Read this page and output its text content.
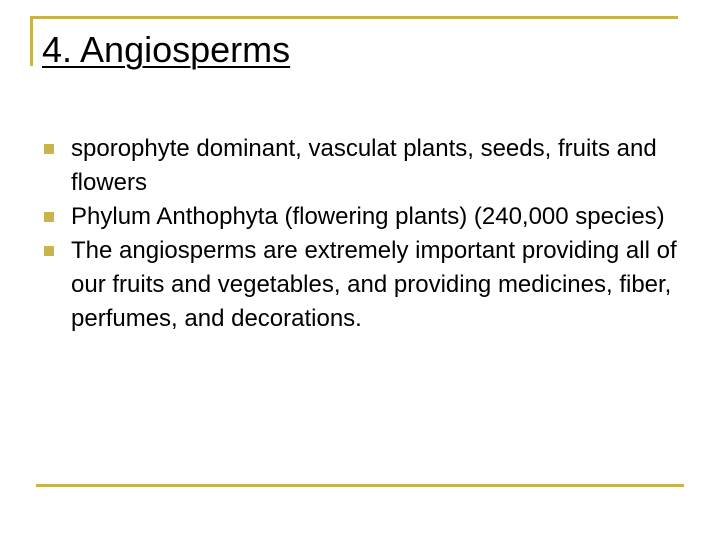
4. Angiosperms
sporophyte dominant, vasculat plants, seeds, fruits and flowers
Phylum Anthophyta (flowering plants) (240,000 species)
The angiosperms are extremely important providing all of our fruits and vegetables, and providing medicines, fiber, perfumes, and decorations.
